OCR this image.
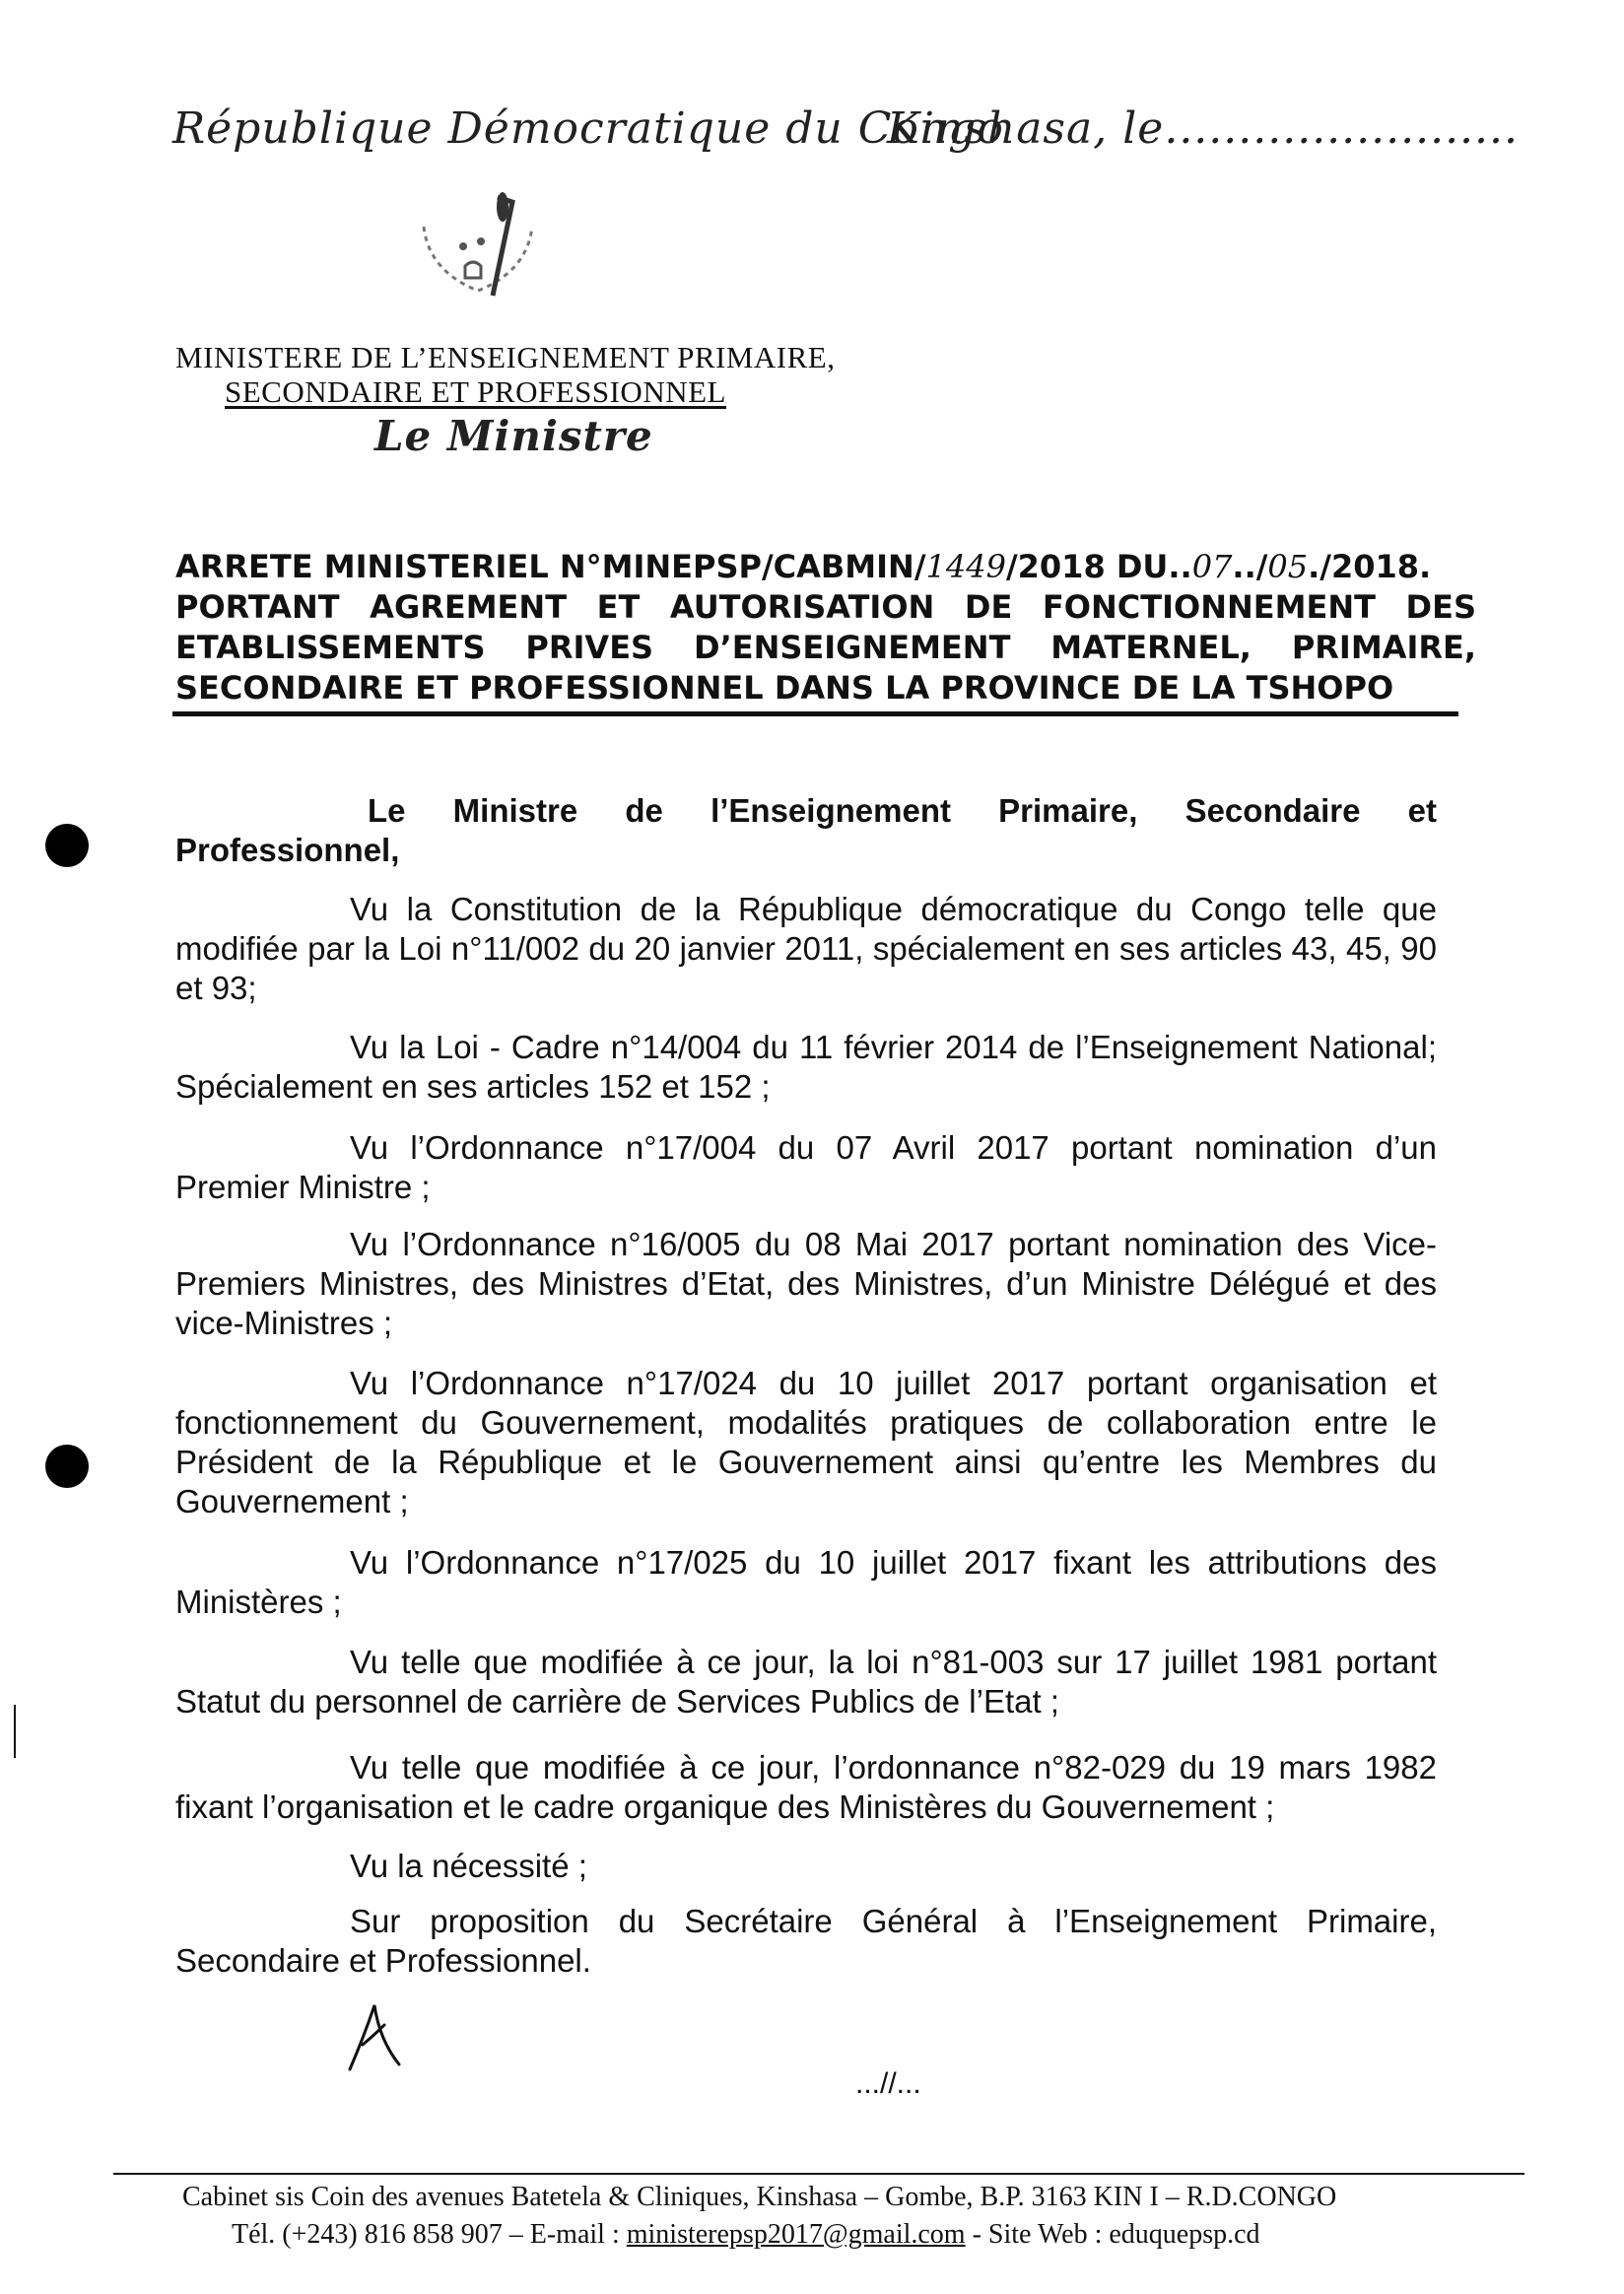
République Démocratique du Congo
Kinshasa, le........................
MINISTERE DE L’ENSEIGNEMENT PRIMAIRE,
SECONDAIRE ET PROFESSIONNEL
Le Ministre
ARRETE MINISTERIEL N°MINEPSP/CABMIN/1449/2018 DU..07../05./2018.
PORTANT AGREMENT ET AUTORISATION DE FONCTIONNEMENT DES
ETABLISSEMENTS PRIVES D’ENSEIGNEMENT MATERNEL, PRIMAIRE,
SECONDAIRE ET PROFESSIONNEL DANS LA PROVINCE DE LA TSHOPO
Le Ministre de l’Enseignement Primaire, Secondaire et Professionnel,
Vu la Constitution de la République démocratique du Congo telle que modifiée par la Loi n°11/002 du 20 janvier 2011, spécialement en ses articles 43, 45, 90 et 93;
Vu la Loi - Cadre n°14/004 du 11 février 2014 de l’Enseignement National; Spécialement en ses articles 152 et 152 ;
Vu l’Ordonnance n°17/004 du 07 Avril 2017 portant nomination d’un Premier Ministre ;
Vu l’Ordonnance n°16/005 du 08 Mai 2017 portant nomination des Vice-Premiers Ministres, des Ministres d’Etat, des Ministres, d’un Ministre Délégué et des vice-Ministres ;
Vu l’Ordonnance n°17/024 du 10 juillet 2017 portant organisation et fonctionnement du Gouvernement, modalités pratiques de collaboration entre le Président de la République et le Gouvernement ainsi qu’entre les Membres du Gouvernement ;
Vu l’Ordonnance n°17/025 du 10 juillet 2017 fixant les attributions des Ministères ;
Vu telle que modifiée à ce jour, la loi n°81-003 sur 17 juillet 1981 portant Statut du personnel de carrière de Services Publics de l’Etat ;
Vu telle que modifiée à ce jour, l’ordonnance n°82-029 du 19 mars 1982 fixant l’organisation et le cadre organique des Ministères du Gouvernement ;
Vu la nécessité ;
Sur proposition du Secrétaire Général à l’Enseignement Primaire, Secondaire et Professionnel.
...//...
Cabinet sis Coin des avenues Batetela & Cliniques, Kinshasa – Gombe, B.P. 3163 KIN I – R.D.CONGO
Tél. (+243) 816 858 907 – E-mail : ministerepsp2017@gmail.com - Site Web : eduquepsp.cd
